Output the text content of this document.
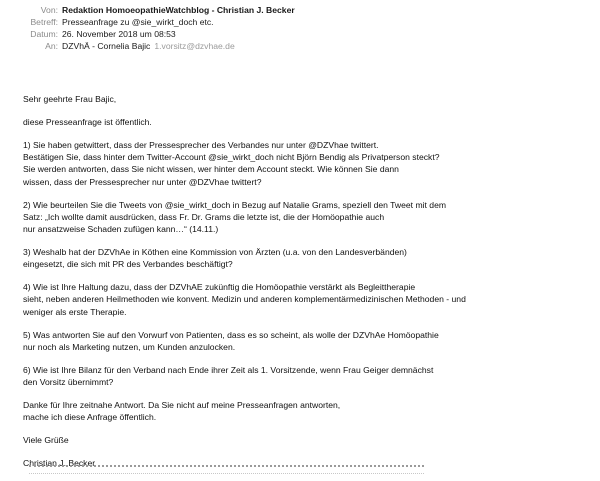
Von: Redaktion HomoeopathieWatchblog - Christian J. Becker
Betreff: Presseanfrage zu @sie_wirkt_doch etc.
Datum: 26. November 2018 um 08:53
An: DZVhÄ - Cornelia Bajic 1.vorsitz@dzvhae.de
Sehr geehrte Frau Bajic,
diese Presseanfrage ist öffentlich.
1) Sie haben getwittert, dass der Pressesprecher des Verbandes nur unter @DZVhae twittert.
Bestätigen Sie, dass hinter dem Twitter-Account @sie_wirkt_doch nicht Björn Bendig als Privatperson steckt?
Sie werden antworten, dass Sie nicht wissen, wer hinter dem Account steckt. Wie können Sie dann
wissen, dass der Pressesprecher nur unter @DZVhae twittert?
2) Wie beurteilen Sie die Tweets von @sie_wirkt_doch in Bezug auf Natalie Grams, speziell den Tweet mit dem
Satz: „Ich wollte damit ausdrücken, dass Fr. Dr. Grams die letzte ist, die der Homöopathie auch
nur ansatzweise Schaden zufügen kann…“ (14.11.)
3) Weshalb hat der DZVhAe in Köthen eine Kommission von Ärzten (u.a. von den Landesverbänden)
eingesetzt, die sich mit PR des Verbandes beschäftigt?
4) Wie ist Ihre Haltung dazu, dass der DZVhAE zukünftig die Homöopathie verstärkt als Begleittherapie
sieht, neben anderen Heilmethoden wie konvent. Medizin und anderen komplementärmedizinischen Methoden - und
weniger als erste Therapie.
5) Was antworten Sie auf den Vorwurf von Patienten, dass es so scheint, als wolle der DZVhAe Homöopathie
nur noch als Marketing nutzen, um Kunden anzulocken.
6) Wie ist Ihre Bilanz für den Verband nach Ende ihrer Zeit als 1. Vorsitzende, wenn Frau Geiger demnächst
den Vorsitz übernimmt?
Danke für Ihre zeitnahe Antwort. Da Sie nicht auf meine Presseanfragen antworten,
mache ich diese Anfrage öffentlich.
Viele Grüße
Christian J. Becker
